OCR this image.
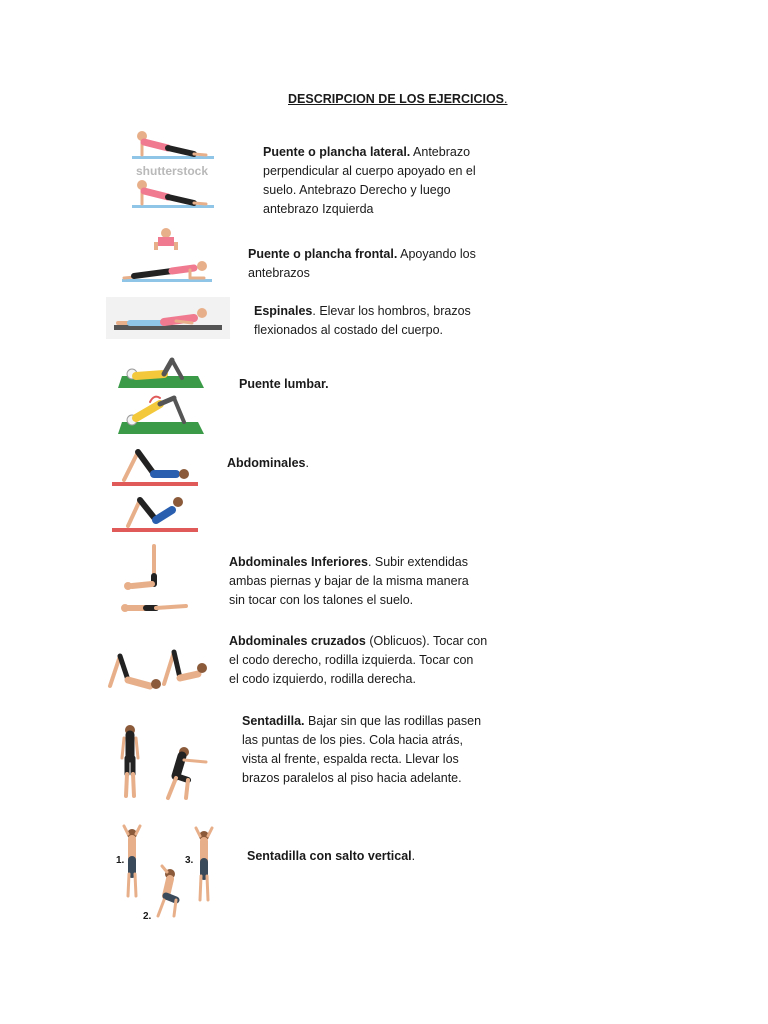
DESCRIPCION DE LOS EJERCICIOS.
shutterstock
Puente o plancha lateral. Antebrazo
perpendicular al cuerpo apoyado en el
suelo. Antebrazo Derecho y luego
antebrazo Izquierda
Puente o plancha frontal. Apoyando los
antebrazos
Espinales. Elevar los hombros, brazos
flexionados al costado del cuerpo.
Puente lumbar.
Abdominales.
Abdominales Inferiores. Subir extendidas
ambas piernas y bajar de la misma manera
sin tocar con los talones el suelo.
Abdominales cruzados (Oblicuos). Tocar con
el codo derecho, rodilla izquierda. Tocar con
el codo izquierdo, rodilla derecha.
Sentadilla. Bajar sin que las rodillas pasen
las puntas de los pies. Cola hacia atrás,
vista al frente, espalda recta. Llevar los
brazos paralelos al piso hacia adelante.
1.
2.
3.	Sentadilla con salto vertical.
